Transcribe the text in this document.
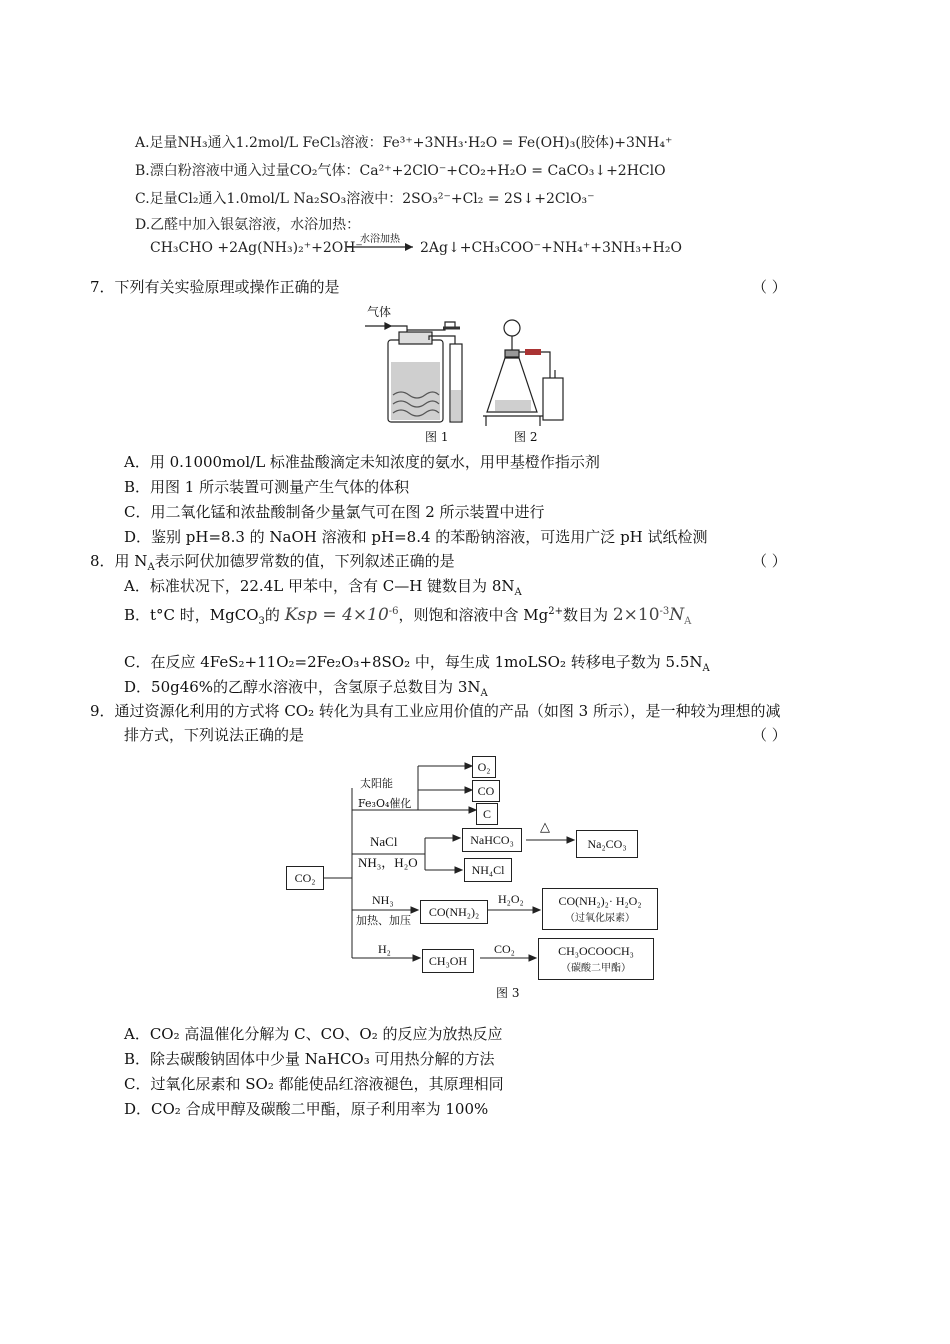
A.足量NH₃通入1.2mol/L FeCl₃溶液：Fe³⁺+3NH₃·H₂O = Fe(OH)₃(胶体)+3NH₄⁺
B.漂白粉溶液中通入过量CO₂气体：Ca²⁺+2ClO⁻+CO₂+H₂O = CaCO₃↓+2HClO
C.足量Cl₂通入1.0mol/L Na₂SO₃溶液中：2SO₃²⁻+Cl₂ = 2S↓+2ClO₃⁻
D.乙醛中加入银氨溶液，水浴加热：
CH₃CHO +2Ag(NH₃)₂⁺+2OH⁻
水浴加热
2Ag↓+CH₃COO⁻+NH₄⁺+3NH₃+H₂O
7．下列有关实验原理或操作正确的是	（ ）
气体
图 1	图 2
A．用 0.1000mol/L 标准盐酸滴定未知浓度的氨水，用甲基橙作指示剂
B．用图 1 所示装置可测量产生气体的体积
C．用二氧化锰和浓盐酸制备少量氯气可在图 2 所示装置中进行
D．鉴别 pH=8.3 的 NaOH 溶液和 pH=8.4 的苯酚钠溶液，可选用广泛 pH 试纸检测
8．用 $N_A$表示阿伏加德罗常数的值，下列叙述正确的是	（ ）
A．标准状况下，22.4L 甲苯中，含有 C—H 键数目为 $8N_A$
B．t°C 时，MgCO$_3$的 Ksp = $4\times 10^{-6}$，则饱和溶液中含 $Mg^{2+}$数目为 $2\times 10^{-3}N_A$
C．在反应 4FeS₂+11O₂=2Fe₂O₃+8SO₂ 中，每生成 1moLSO₂ 转移电子数为 $5.5N_A$
D．50g46%的乙醇水溶液中，含氢原子总数目为 $3N_A$
9．通过资源化利用的方式将 CO₂ 转化为具有工业应用价值的产品（如图 3 所示），是一种较为理想的减
排方式，下列说法正确的是	（ ）
CO₂
太阳能
Fe₃O₄催化
O₂
CO
C
NaCl
NH₃，H₂O
NaHCO₃
NH₄Cl
△
Na₂CO₃
NH₃
加热、加压
CO(NH₂)₂
H₂O₂	CO(NH₂)₂· H₂O₂
（过氧化尿素）
H₂
CH₃OH
CO₂	CH₃OCOOCH₃
（碳酸二甲酯）
图 3
A．CO₂ 高温催化分解为 C、CO、O₂ 的反应为放热反应
B．除去碳酸钠固体中少量 NaHCO₃ 可用热分解的方法
C．过氧化尿素和 SO₂ 都能使品红溶液褪色，其原理相同
D．CO₂ 合成甲醇及碳酸二甲酯，原子利用率为 100%
